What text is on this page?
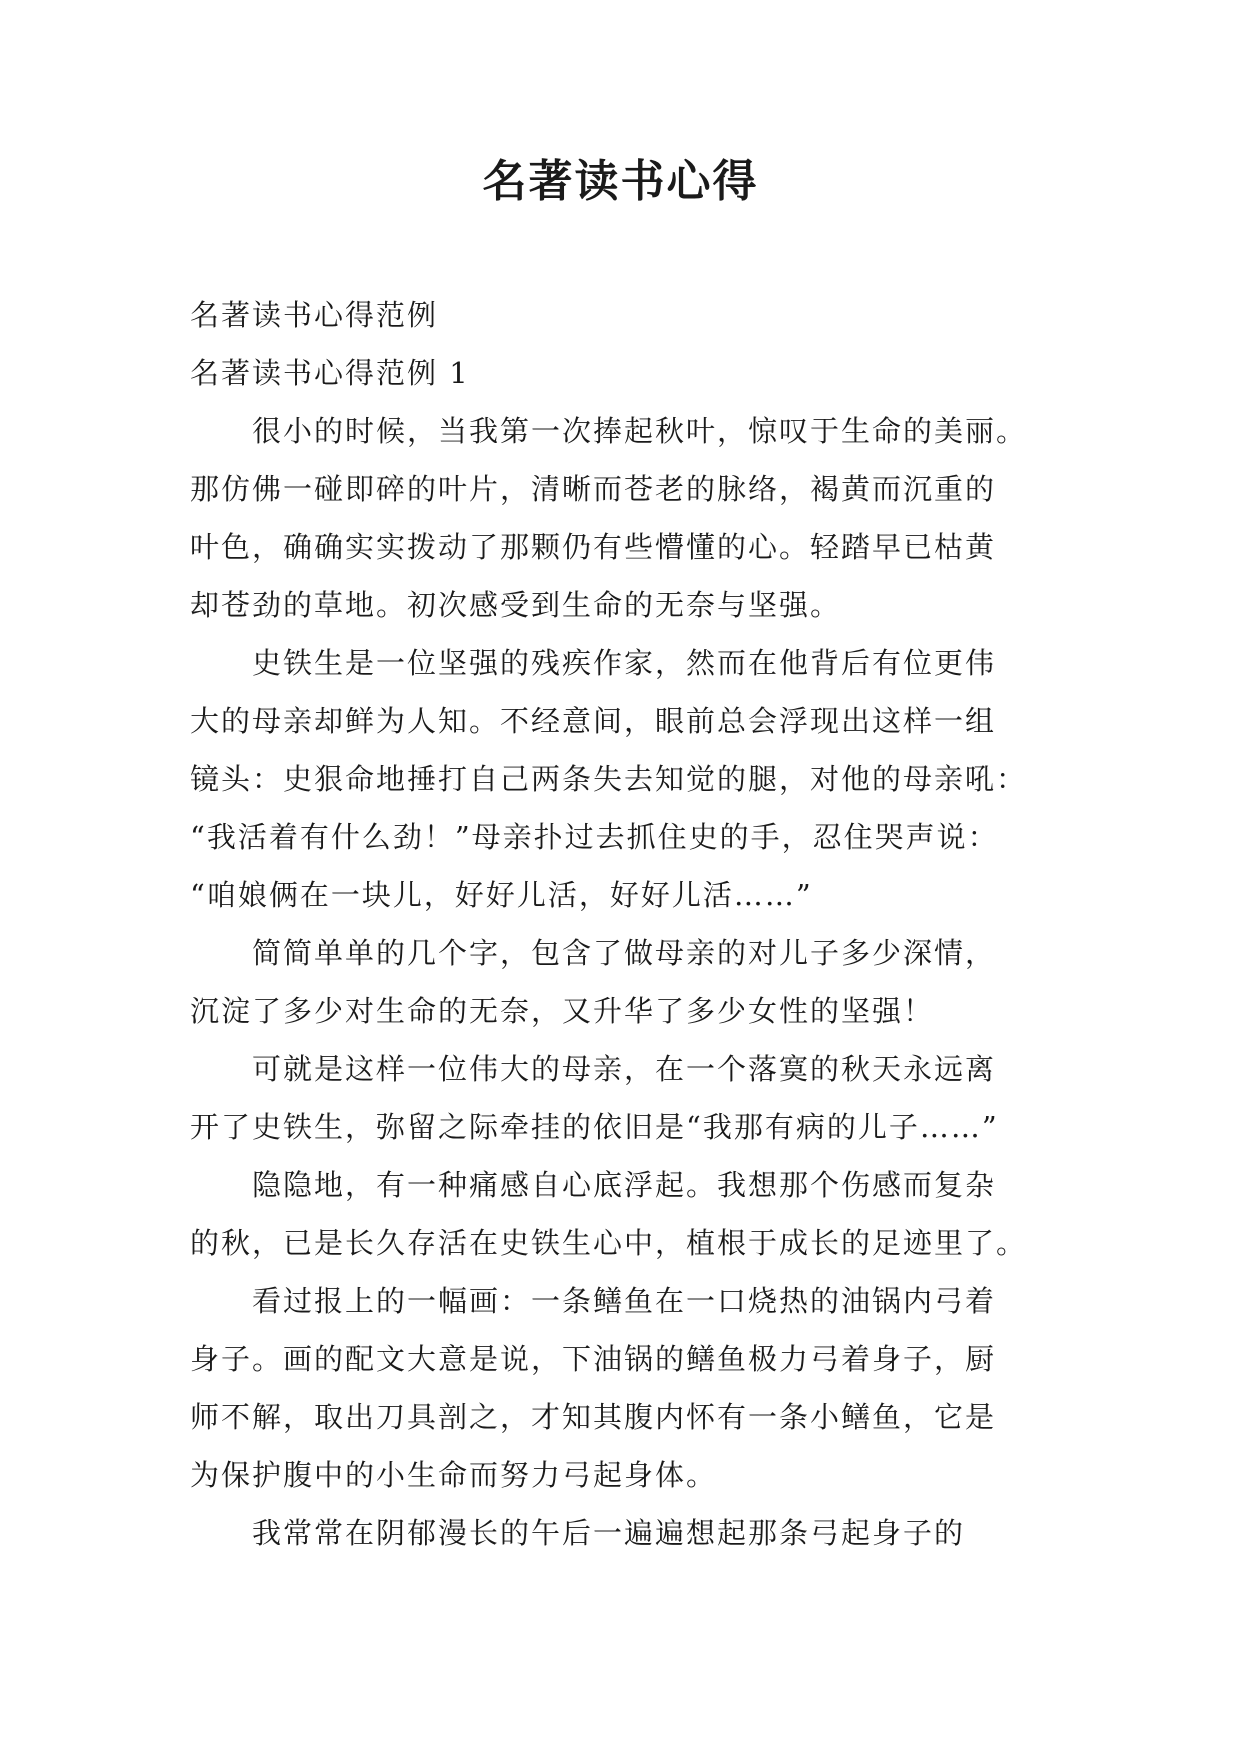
名著读书心得
名著读书心得范例
名著读书心得范例 1
很小的时候，当我第一次捧起秋叶，惊叹于生命的美丽。
那仿佛一碰即碎的叶片，清晰而苍老的脉络，褐黄而沉重的
叶色，确确实实拨动了那颗仍有些懵懂的心。轻踏早已枯黄
却苍劲的草地。初次感受到生命的无奈与坚强。
史铁生是一位坚强的残疾作家，然而在他背后有位更伟
大的母亲却鲜为人知。不经意间，眼前总会浮现出这样一组
镜头：史狠命地捶打自己两条失去知觉的腿，对他的母亲吼：
“我活着有什么劲！”母亲扑过去抓住史的手，忍住哭声说：
“咱娘俩在一块儿，好好儿活，好好儿活……”
简简单单的几个字，包含了做母亲的对儿子多少深情，
沉淀了多少对生命的无奈，又升华了多少女性的坚强！
可就是这样一位伟大的母亲，在一个落寞的秋天永远离
开了史铁生，弥留之际牵挂的依旧是“我那有病的儿子……”
隐隐地，有一种痛感自心底浮起。我想那个伤感而复杂
的秋，已是长久存活在史铁生心中，植根于成长的足迹里了。
看过报上的一幅画：一条鳝鱼在一口烧热的油锅内弓着
身子。画的配文大意是说，下油锅的鳝鱼极力弓着身子，厨
师不解，取出刀具剖之，才知其腹内怀有一条小鳝鱼，它是
为保护腹中的小生命而努力弓起身体。
我常常在阴郁漫长的午后一遍遍想起那条弓起身子的
